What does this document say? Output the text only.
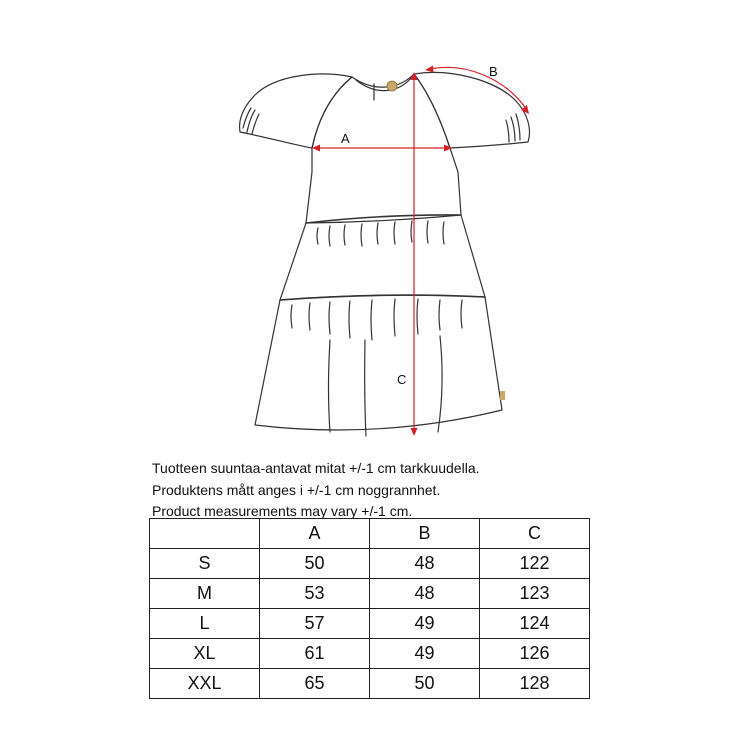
A
B
C
Tuotteen suuntaa-antavat mitat +/-1 cm tarkkuudella.
Produktens mått anges i +/-1 cm noggrannhet.
Product measurements may vary +/-1 cm.
	A	B	C
S	50	48	122
M	53	48	123
L	57	49	124
XL	61	49	126
XXL	65	50	128
